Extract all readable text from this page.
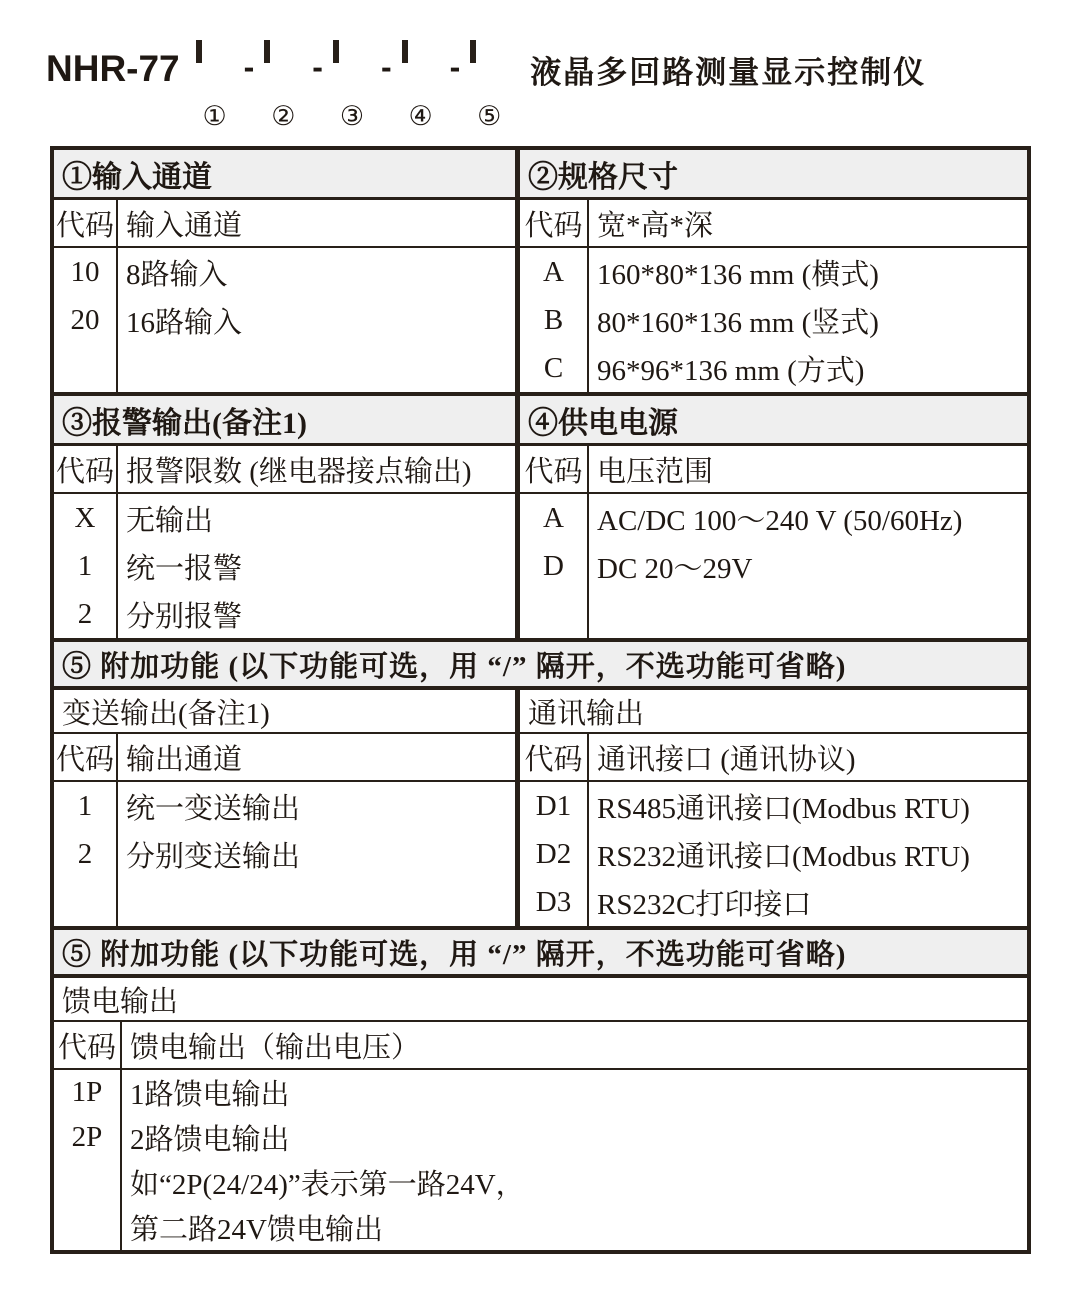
NHR-77
①
-
②
-
③
-
④
-
⑤
液晶多回路测量显示控制仪
①输入通道
代码 输入通道
10
20
8路输入
16路输入
②规格尺寸
代码 宽*高*深
A
B
C
160*80*136 mm (横式)
80*160*136 mm (竖式)
96*96*136 mm (方式)
③报警输出(备注1)
代码 报警限数 (继电器接点输出)
X
1
2
无输出
统一报警
分别报警
④供电电源
代码 电压范围
A
D
AC/DC 100～240 V (50/60Hz)
DC 20～29V
⑤ 附加功能 (以下功能可选，用 “/” 隔开，不选功能可省略)
变送输出(备注1)
代码 输出通道
1
2
统一变送输出
分别变送输出
通讯输出
代码 通讯接口 (通讯协议)
D1
D2
D3
RS485通讯接口(Modbus RTU)
RS232通讯接口(Modbus RTU)
RS232C打印接口
⑤ 附加功能 (以下功能可选，用 “/” 隔开，不选功能可省略)
馈电输出
代码 馈电输出（输出电压）
1P
2P
1路馈电输出
2路馈电输出
如“2P(24/24)”表示第一路24V，
第二路24V馈电输出
